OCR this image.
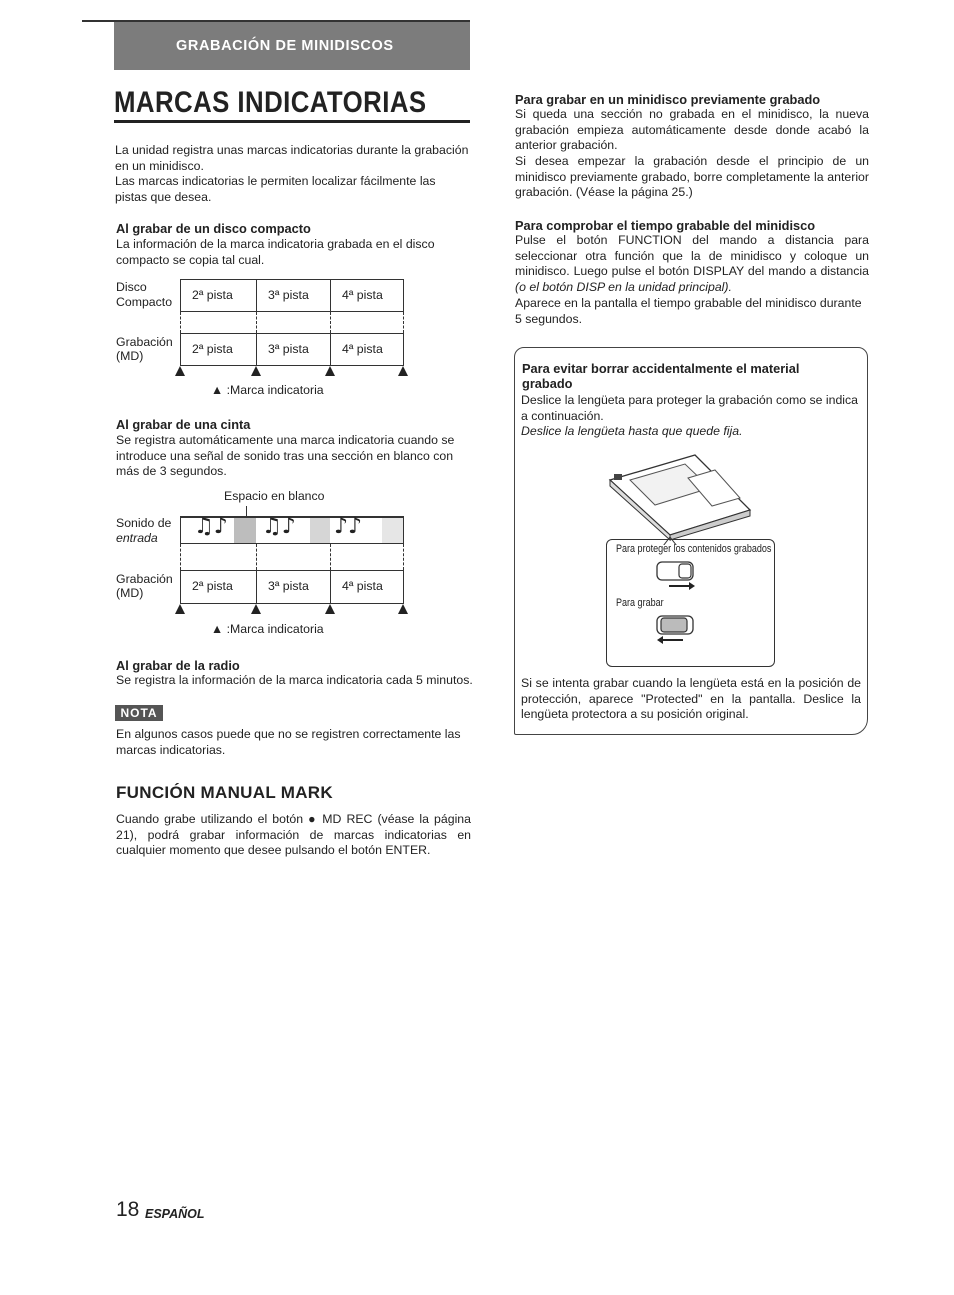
GRABACIÓN DE MINIDISCOS
MARCAS INDICATORIAS
La unidad registra unas marcas indicatorias durante la grabación en un minidisco.
Las marcas indicatorias le permiten localizar fácilmente las pistas que desea.
Al grabar de un disco compacto
La información de la marca indicatoria grabada en el disco compacto se copia tal cual.
Disco
Compacto	2ª pista	3ª pista	4ª pista
Grabación
(MD)	2ª pista	3ª pista	4ª pista
▲ :Marca indicatoria
Al grabar de una cinta
Se registra automáticamente una marca indicatoria cuando se introduce una señal de sonido tras una sección en blanco con más de 3 segundos.
Espacio en blanco
Sonido de
entrada	♫♪ ♫♪ ♪♪
Grabación
(MD)	2ª pista	3ª pista	4ª pista
▲ :Marca indicatoria
Al grabar de la radio
Se registra la información de la marca indicatoria cada 5 minutos.
NOTA
En algunos casos puede que no se registren correctamente las marcas indicatorias.
FUNCIÓN MANUAL MARK
Cuando grabe utilizando el botón ● MD REC (véase la página 21), podrá grabar información de marcas indicatorias en cualquier momento que desee pulsando el botón ENTER.
Para grabar en un minidisco previamente grabado
Si queda una sección no grabada en el minidisco, la nueva grabación empieza automáticamente desde donde acabó la anterior grabación.
Si desea empezar la grabación desde el principio de un minidisco previamente grabado, borre completamente la anterior grabación. (Véase la página 25.)
Para comprobar el tiempo grabable del minidisco
Pulse el botón FUNCTION del mando a distancia para seleccionar otra función que la de minidisco y coloque un minidisco. Luego pulse el botón DISPLAY del mando a distancia (o el botón DISP en la unidad principal).
Aparece en la pantalla el tiempo grabable del minidisco durante 5 segundos.
Para evitar borrar accidentalmente el material grabado
Deslice la lengüeta para proteger la grabación como se indica a continuación.
Deslice la lengüeta hasta que quede fija.
Para proteger los contenidos grabados
Para grabar
Si se intenta grabar cuando la lengüeta está en la posición de protección, aparece "Protected" en la pantalla. Deslice la lengüeta protectora a su posición original.
18 ESPAÑOL
